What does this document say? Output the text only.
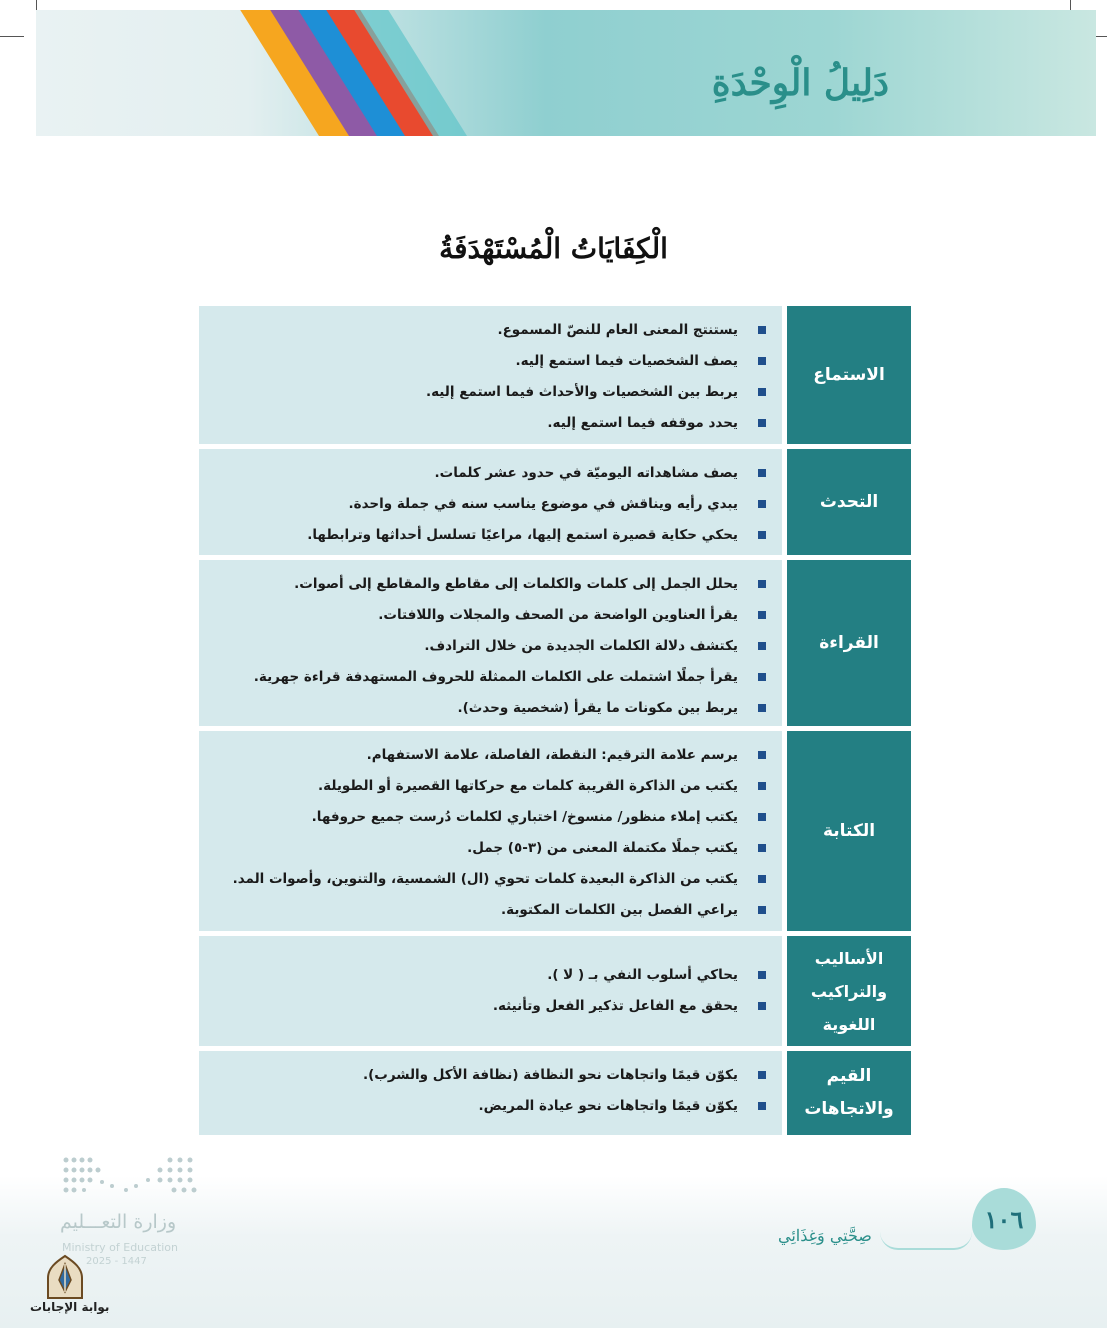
دَلِيلُ الْوِحْدَةِ
الْكِفَايَاتُ الْمُسْتَهْدَفَةُ
يستنتج المعنى العام للنصّ المسموع.
يصف الشخصيات فيما استمع إليه.
يربط بين الشخصيات والأحداث فيما استمع إليه.
يحدد موقفه فيما استمع إليه.
الاستماع
يصف مشاهداته اليوميّة في حدود عشر كلمات.
يبدي رأيه ويناقش في موضوع يناسب سنه في جملة واحدة.
يحكي حكاية قصيرة استمع إليها، مراعيًا تسلسل أحداثها وترابطها.
التحدث
يحلل الجمل إلى كلمات والكلمات إلى مقاطع والمقاطع إلى أصوات.
يقرأ العناوين الواضحة من الصحف والمجلات واللافتات.
يكتشف دلالة الكلمات الجديدة من خلال الترادف.
يقرأ جملًا اشتملت على الكلمات الممثلة للحروف المستهدفة قراءة جهرية.
يربط بين مكونات ما يقرأ (شخصية وحدث).
القراءة
يرسم علامة الترقيم: النقطة، الفاصلة، علامة الاستفهام.
يكتب من الذاكرة القريبة كلمات مع حركاتها القصيرة أو الطويلة.
يكتب إملاء منظور/ منسوخ/ اختباري لكلمات دُرست جميع حروفها.
يكتب جملًا مكتملة المعنى من (٣-٥) جمل.
يكتب من الذاكرة البعيدة كلمات تحوي (ال) الشمسية، والتنوين، وأصوات المد.
يراعي الفصل بين الكلمات المكتوبة.
الكتابة
يحاكي أسلوب النفي بـ ( لا ).
يحقق مع الفاعل تذكير الفعل وتأنيثه.
الأساليب والتراكيب اللغوية
يكوّن قيمًا واتجاهات نحو النظافة (نظافة الأكل والشرب).
يكوّن قيمًا واتجاهات نحو عيادة المريض.
القيم والاتجاهات
وزارة التعـــليم
Ministry of Education
2025 - 1447
بوابة الإجابات
صِحَّتِي وَغِذَائِي
١٠٦
